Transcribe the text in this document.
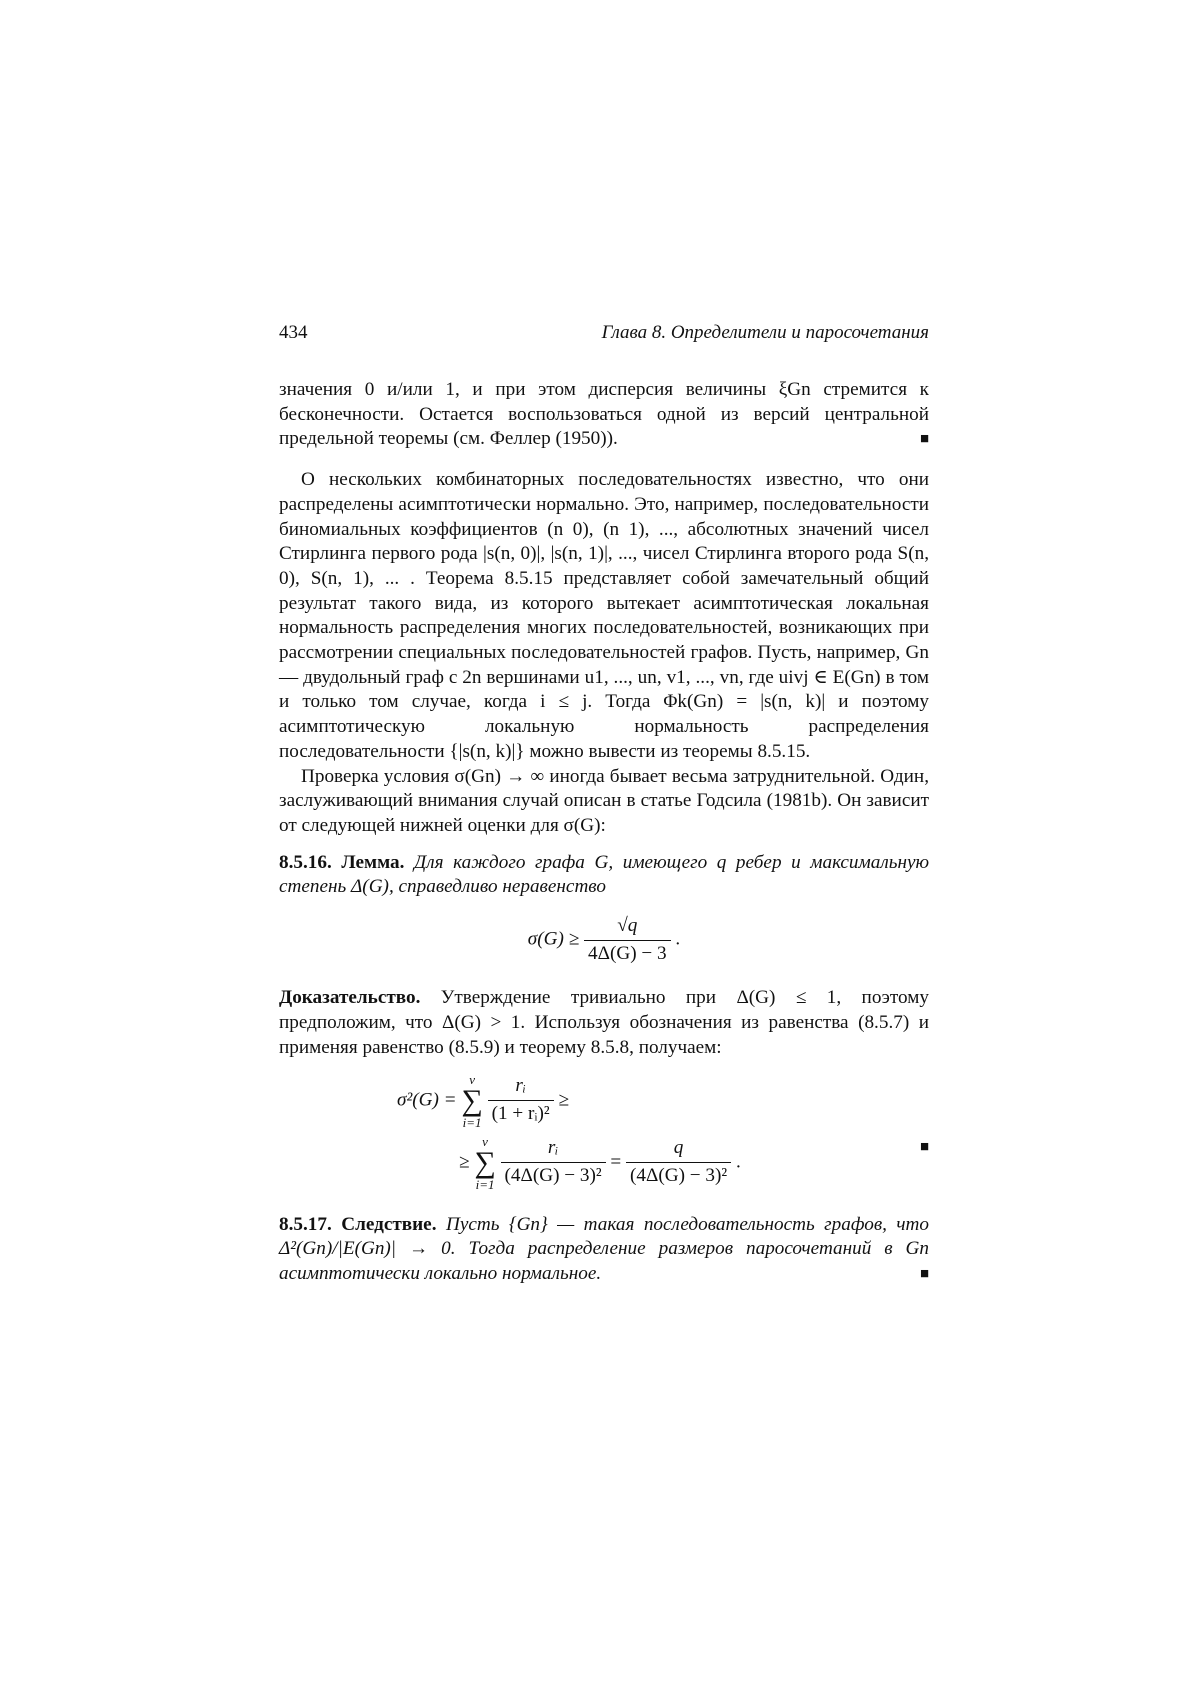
434	Глава 8. Определители и паросочетания

значения 0 и/или 1, и при этом дисперсия величины ξGn стремится к бесконечности. Остается воспользоваться одной из версий центральной предельной теоремы (см. Феллер (1950)).	■

О нескольких комбинаторных последовательностях известно, что они распределены асимптотически нормально. Это, например, последовательности биномиальных коэффициентов (n 0), (n 1), ..., абсолютных значений чисел Стирлинга первого рода |s(n, 0)|, |s(n, 1)|, ..., чисел Стирлинга второго рода S(n, 0), S(n, 1), ... . Теорема 8.5.15 представляет собой замечательный общий результат такого вида, из которого вытекает асимптотическая локальная нормальность распределения многих последовательностей, возникающих при рассмотрении специальных последовательностей графов. Пусть, например, Gn— двудольный граф с 2n вершинами u1, ..., un, v1, ..., vn, где uivj ∈ E(Gn) в том и только том случае, когда i ≤ j. Тогда Φk(Gn) = |s(n, k)| и поэтому асимптотическую локальную нормальность распределения последовательности {|s(n, k)|} можно вывести из теоремы 8.5.15.

Проверка условия σ(Gn) → ∞ иногда бывает весьма затруднительной. Один, заслуживающий внимания случай описан в статье Годсила (1981b). Он зависит от следующей нижней оценки для σ(G):

8.5.16. Лемма. Для каждого графа G, имеющего q ребер и максимальную степень Δ(G), справедливо неравенство

$\sigma(G) \ge \frac{√q}{4\Delta(G) - 3}$ .

Доказательство. Утверждение тривиально при Δ(G) ≤ 1, поэтому предположим, что Δ(G) > 1. Используя обозначения из равенства (8.5.7) и применяя равенство (8.5.9) и теорему 8.5.8, получаем:

σ²(G) =
ν
∑
i=1
$\frac{\text{rᵢ}}{\text{(1 + rᵢ)²}}$ ≥
≥
ν
∑
i=1
$\frac{\text{rᵢ}}{\text{(4Δ(G) − 3)²}} = \frac{q}{\text{(4Δ(G) − 3)²}}$ .
■

8.5.17. Следствие. Пусть {Gn} — такая последовательность графов, что Δ²(Gn)/|E(Gn)| → 0. Тогда распределение размеров паросочетаний в Gn асимптотически локально нормальное.	■
